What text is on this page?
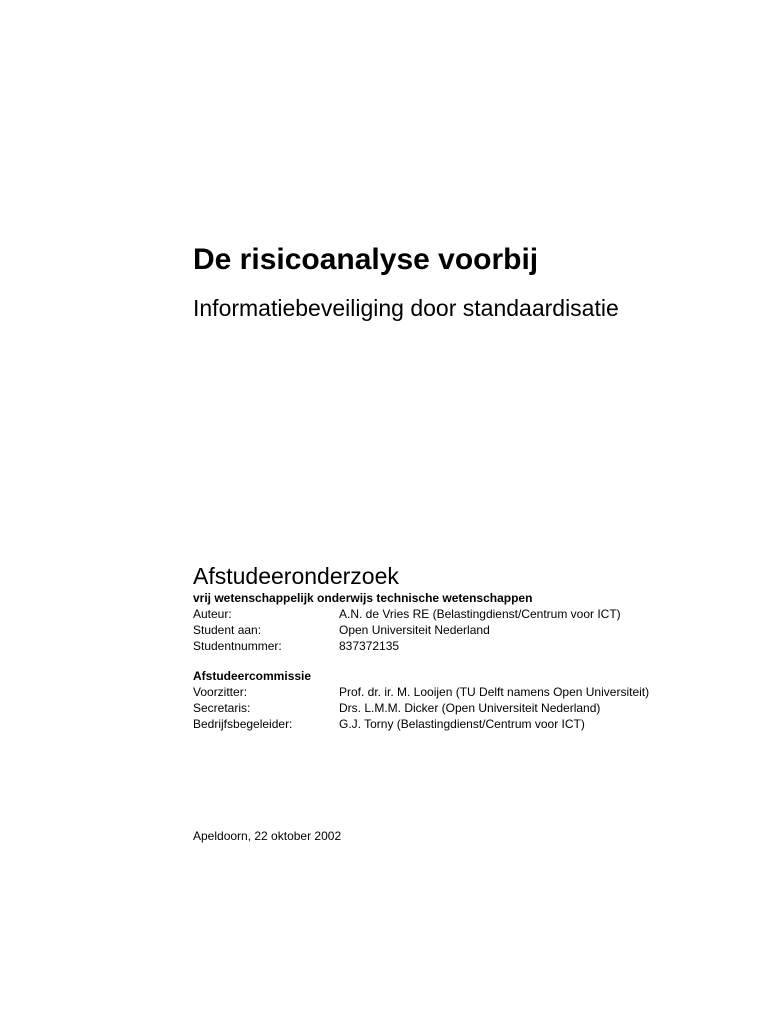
De risicoanalyse voorbij
Informatiebeveiliging door standaardisatie
Afstudeeronderzoek
vrij wetenschappelijk onderwijs technische wetenschappen
Auteur:	A.N. de Vries RE (Belastingdienst/Centrum voor ICT)
Student aan:	Open Universiteit Nederland
Studentnummer:	837372135
Afstudeercommissie
Voorzitter:	Prof. dr. ir. M. Looijen (TU Delft namens Open Universiteit)
Secretaris:	Drs. L.M.M. Dicker (Open Universiteit Nederland)
Bedrijfsbegeleider:	G.J. Torny (Belastingdienst/Centrum voor ICT)
Apeldoorn, 22 oktober 2002
